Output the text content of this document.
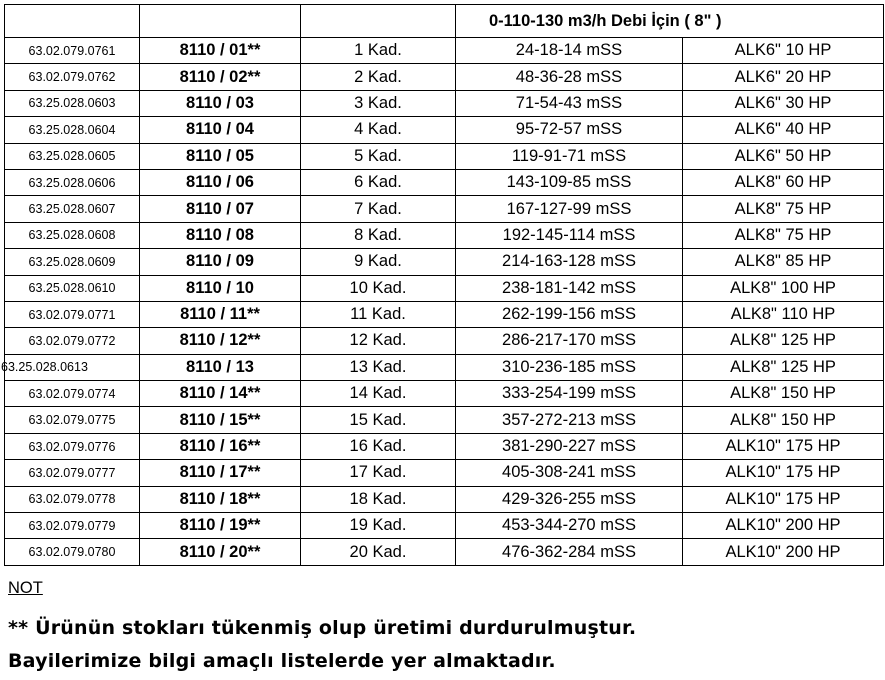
			0-110-130 m3/h Debi İçin ( 8" )
63.02.079.0761	8110 / 01**	1 Kad.	24-18-14 mSS	ALK6" 10 HP
63.02.079.0762	8110 / 02**	2 Kad.	48-36-28 mSS	ALK6" 20 HP
63.25.028.0603	8110 / 03	3 Kad.	71-54-43 mSS	ALK6" 30 HP
63.25.028.0604	8110 / 04	4 Kad.	95-72-57 mSS	ALK6" 40 HP
63.25.028.0605	8110 / 05	5 Kad.	119-91-71 mSS	ALK6" 50 HP
63.25.028.0606	8110 / 06	6 Kad.	143-109-85 mSS	ALK8" 60 HP
63.25.028.0607	8110 / 07	7 Kad.	167-127-99 mSS	ALK8" 75 HP
63.25.028.0608	8110 / 08	8 Kad.	192-145-114 mSS	ALK8" 75 HP
63.25.028.0609	8110 / 09	9 Kad.	214-163-128 mSS	ALK8" 85 HP
63.25.028.0610	8110 / 10	10 Kad.	238-181-142 mSS	ALK8" 100 HP
63.02.079.0771	8110 / 11**	11 Kad.	262-199-156 mSS	ALK8" 110 HP
63.02.079.0772	8110 / 12**	12 Kad.	286-217-170 mSS	ALK8" 125 HP
63.25.028.0613	8110 / 13	13 Kad.	310-236-185 mSS	ALK8" 125 HP
63.02.079.0774	8110 / 14**	14 Kad.	333-254-199 mSS	ALK8" 150 HP
63.02.079.0775	8110 / 15**	15 Kad.	357-272-213 mSS	ALK8" 150 HP
63.02.079.0776	8110 / 16**	16 Kad.	381-290-227 mSS	ALK10" 175 HP
63.02.079.0777	8110 / 17**	17 Kad.	405-308-241 mSS	ALK10" 175 HP
63.02.079.0778	8110 / 18**	18 Kad.	429-326-255 mSS	ALK10" 175 HP
63.02.079.0779	8110 / 19**	19 Kad.	453-344-270 mSS	ALK10" 200 HP
63.02.079.0780	8110 / 20**	20 Kad.	476-362-284 mSS	ALK10" 200 HP
NOT
** Ürünün stokları tükenmiş olup üretimi durdurulmuştur.
Bayilerimize bilgi amaçlı listelerde yer almaktadır.
